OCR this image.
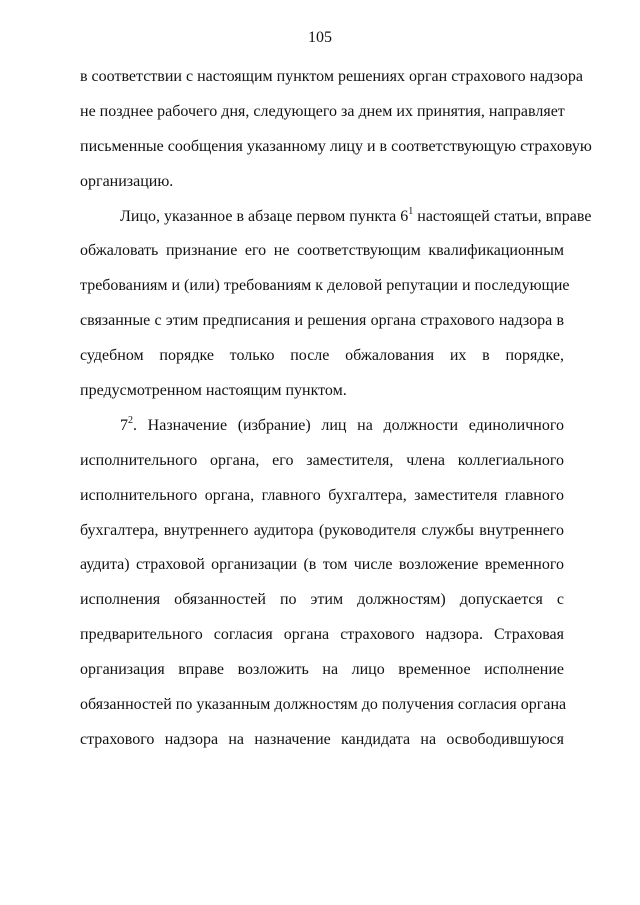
105
в соответствии с настоящим пунктом решениях орган страхового надзора
не позднее рабочего дня, следующего за днем их принятия, направляет
письменные сообщения указанному лицу и в соответствующую страховую
организацию.
Лицо, указанное в абзаце первом пункта $6^1$ настоящей статьи, вправе
обжаловать признание его не соответствующим квалификационным
требованиям и (или) требованиям к деловой репутации и последующие
связанные с этим предписания и решения органа страхового надзора в
судебном порядке только после обжалования их в порядке,
предусмотренном настоящим пунктом.
$7^2$. Назначение (избрание) лиц на должности единоличного
исполнительного органа, его заместителя, члена коллегиального
исполнительного органа, главного бухгалтера, заместителя главного
бухгалтера, внутреннего аудитора (руководителя службы внутреннего
аудита) страховой организации (в том числе возложение временного
исполнения обязанностей по этим должностям) допускается с
предварительного согласия органа страхового надзора. Страховая
организация вправе возложить на лицо временное исполнение
обязанностей по указанным должностям до получения согласия органа
страхового надзора на назначение кандидата на освободившуюся
